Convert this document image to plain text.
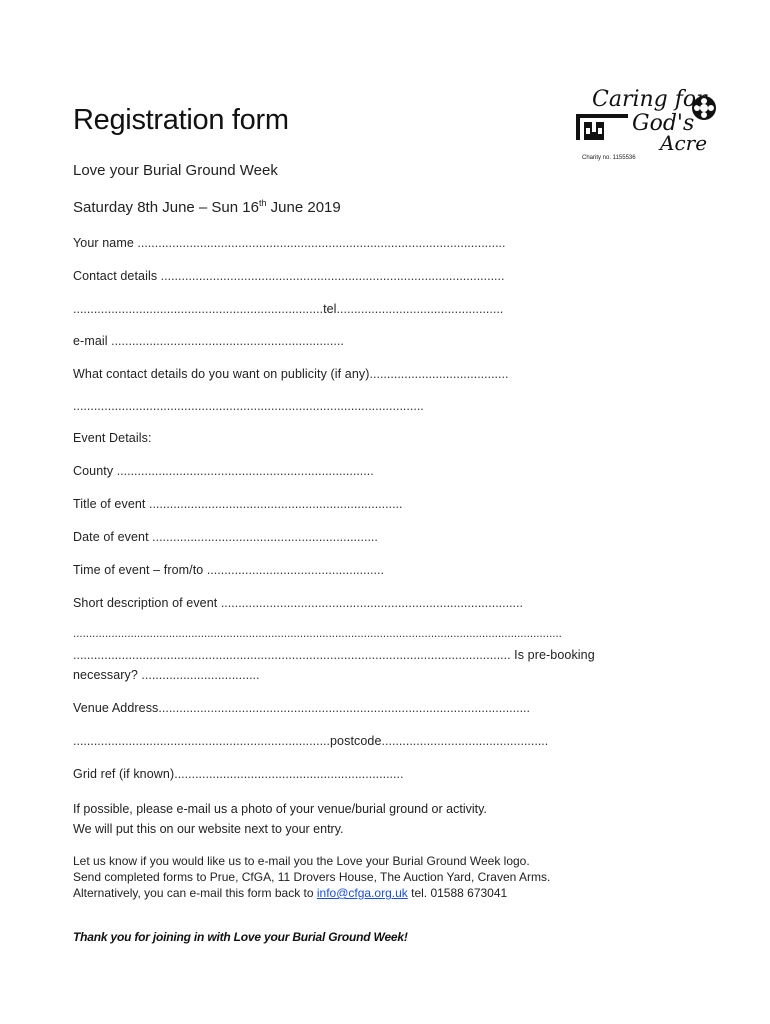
Caring for
God's
Acre
Charity no. 1155536
Registration form
Love your Burial Ground Week
Saturday 8th June – Sun 16th June 2019
Your name ..........................................................................................................
Contact details ...................................................................................................
........................................................................tel................................................
e-mail ...................................................................
What contact details do you want on publicity (if any)........................................
.....................................................................................................
Event Details:
County ..........................................................................
Title of event .........................................................................
Date of event .................................................................
Time of event – from/to ...................................................
Short description of event .......................................................................................
.........................................................................................................................................................
.............................................................................................................................. Is pre-booking
necessary? ..................................
Venue Address...........................................................................................................
..........................................................................postcode................................................
Grid ref (if known)..................................................................
If possible, please e-mail us a photo of your venue/burial ground or activity.
We will put this on our website next to your entry.
Let us know if you would like us to e-mail you the Love your Burial Ground Week logo.
Send completed forms to Prue, CfGA, 11 Drovers House, The Auction Yard, Craven Arms.
Alternatively, you can e-mail this form back to info@cfga.org.uk tel. 01588 673041
Thank you for joining in with Love your Burial Ground Week!
